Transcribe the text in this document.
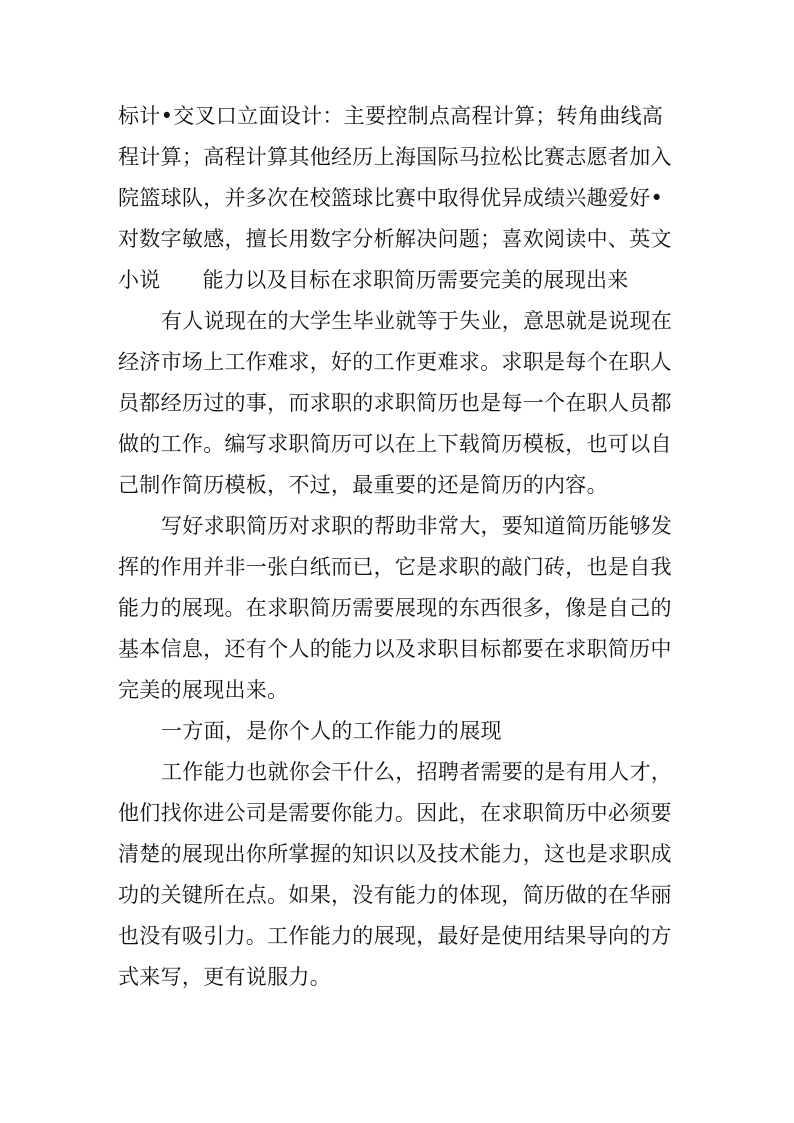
标计•交叉口立面设计：主要控制点高程计算；转角曲线高
程计算；高程计算其他经历上海国际马拉松比赛志愿者加入
院篮球队，并多次在校篮球比赛中取得优异成绩兴趣爱好•
对数字敏感，擅长用数字分析解决问题；喜欢阅读中、英文
小说 能力以及目标在求职简历需要完美的展现出来
有人说现在的大学生毕业就等于失业，意思就是说现在
经济市场上工作难求，好的工作更难求。求职是每个在职人
员都经历过的事，而求职的求职简历也是每一个在职人员都
做的工作。编写求职简历可以在上下载简历模板，也可以自
己制作简历模板，不过，最重要的还是简历的内容。
写好求职简历对求职的帮助非常大，要知道简历能够发
挥的作用并非一张白纸而已，它是求职的敲门砖，也是自我
能力的展现。在求职简历需要展现的东西很多，像是自己的
基本信息，还有个人的能力以及求职目标都要在求职简历中
完美的展现出来。
一方面，是你个人的工作能力的展现
工作能力也就你会干什么，招聘者需要的是有用人才，
他们找你进公司是需要你能力。因此，在求职简历中必须要
清楚的展现出你所掌握的知识以及技术能力，这也是求职成
功的关键所在点。如果，没有能力的体现，简历做的在华丽
也没有吸引力。工作能力的展现，最好是使用结果导向的方
式来写，更有说服力。
